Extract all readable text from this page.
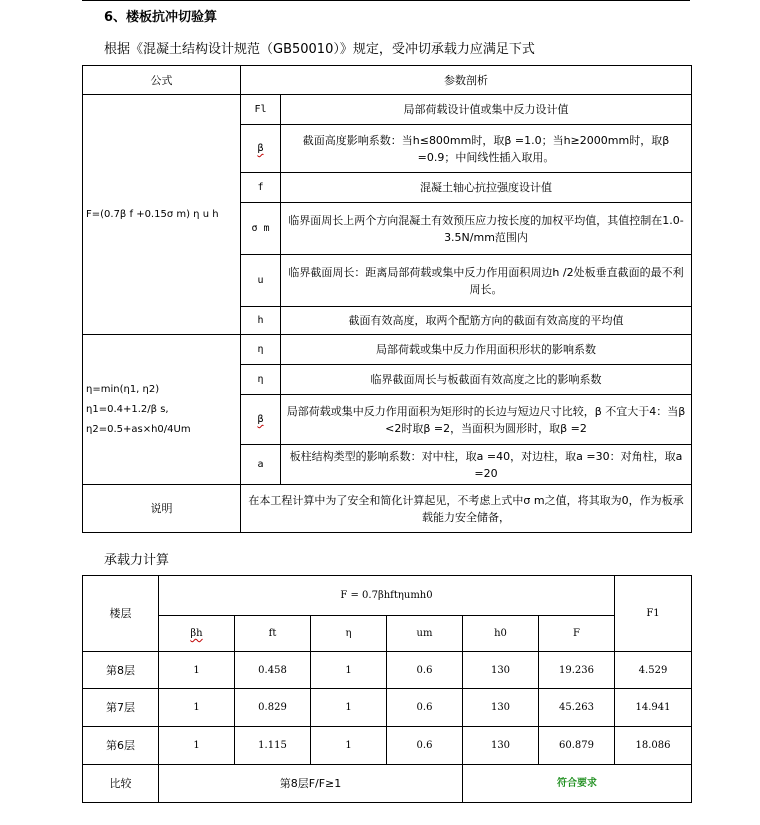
6、楼板抗冲切验算
根据《混凝土结构设计规范（GB50010）》规定，受冲切承载力应满足下式
公式	参数剖析	
F=(0.7β f +0.15σ m) η u h	Fl	局部荷载设计值或集中反力设计值
	β	截面高度影响系数：当h≤800mm时，取β =1.0；当h≥2000mm时，取β =0.9；中间线性插入取用。
	f	混凝土轴心抗拉强度设计值
	σ m	临界面周长上两个方向混凝土有效预压应力按长度的加权平均值，其值控制在1.0-3.5N/mm范围内
	u	临界截面周长：距离局部荷载或集中反力作用面积周边h /2处板垂直截面的最不利周长。
	h	截面有效高度，取两个配筋方向的截面有效高度的平均值

η=min(η1, η2)
η1=0.4+1.2/β s,
η2=0.5+as×h0/4Um	η	局部荷载或集中反力作用面积形状的影响系数
	η	临界截面周长与板截面有效高度之比的影响系数
	β	局部荷载或集中反力作用面积为矩形时的长边与短边尺寸比较，β 不宜大于4：当β <2时取β =2，当面积为圆形时，取β =2
	a	板柱结构类型的影响系数：对中柱，取a =40，对边柱，取a =30：对角柱，取a =20
说明	在本工程计算中为了安全和简化计算起见，不考虑上式中σ m之值，将其取为0，作为板承载能力安全储备，	
承载力计算
楼层	F = 0.7βhftηumh0						F1
	βh	ft	η	um	h0	F	
第8层	1	0.458	1	0.6	130	19.236	4.529
第7层	1	0.829	1	0.6	130	45.263	14.941
第6层	1	1.115	1	0.6	130	60.879	18.086
比较	第8层F/F≥1				符合要求		
